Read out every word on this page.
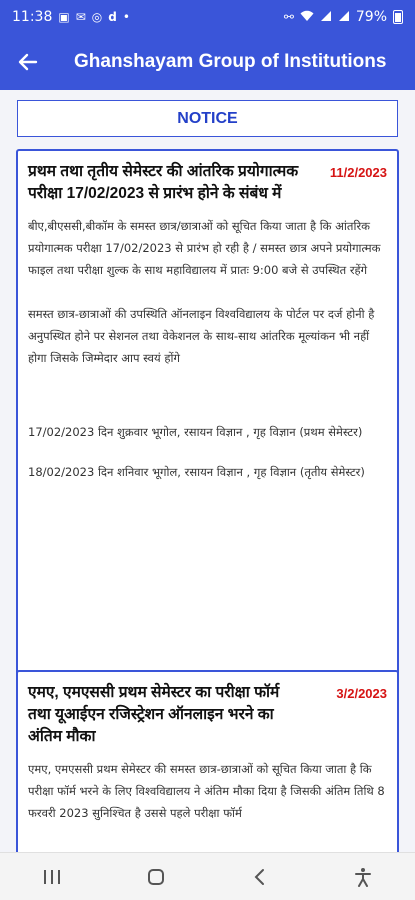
11:38 ▣ ✉ ◎ d •	⚯	79%
Ghanshayam Group of Institutions
NOTICE
प्रथम तथा तृतीय सेमेस्टर की आंतरिक प्रयोगात्मक परीक्षा 17/02/2023 से प्रारंभ होने के संबंध में
11/2/2023

बीए,बीएससी,बीकॉम के समस्त छात्र/छात्राओं को सूचित किया जाता है कि आंतरिक प्रयोगात्मक परीक्षा 17/02/2023 से प्रारंभ हो रही है / समस्त छात्र अपने प्रयोगात्मक फाइल तथा परीक्षा शुल्क के साथ महाविद्यालय में प्रातः 9:00 बजे से उपस्थित रहेंगे

समस्त छात्र-छात्राओं की उपस्थिति ऑनलाइन विश्वविद्यालय के पोर्टल पर दर्ज होनी है अनुपस्थित होने पर सेशनल तथा वेकेशनल के साथ-साथ आंतरिक मूल्यांकन भी नहीं होगा जिसके जिम्मेदार आप स्वयं होंगे

17/02/2023 दिन शुक्रवार भूगोल, रसायन विज्ञान , गृह विज्ञान (प्रथम सेमेस्टर)

18/02/2023 दिन शनिवार भूगोल, रसायन विज्ञान , गृह विज्ञान (तृतीय सेमेस्टर)

एमए, एमएससी प्रथम सेमेस्टर का परीक्षा फॉर्म तथा यूआईएन रजिस्ट्रेशन ऑनलाइन भरने का अंतिम मौका
3/2/2023

एमए, एमएससी प्रथम सेमेस्टर की समस्त छात्र-छात्राओं को सूचित किया जाता है कि परीक्षा फॉर्म भरने के लिए विश्वविद्यालय ने अंतिम मौका दिया है जिसकी अंतिम तिथि 8 फरवरी 2023 सुनिश्चित है उससे पहले परीक्षा फॉर्म
